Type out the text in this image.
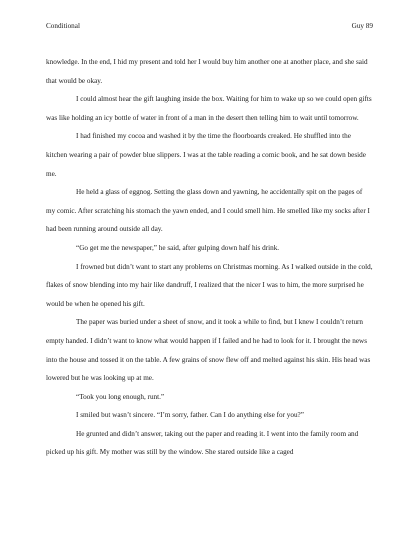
Conditional	Guy 89

knowledge. In the end, I hid my present and told her I would buy him another one at another place, and she said that would be okay.

I could almost hear the gift laughing inside the box. Waiting for him to wake up so we could open gifts was like holding an icy bottle of water in front of a man in the desert then telling him to wait until tomorrow.

I had finished my cocoa and washed it by the time the floorboards creaked. He shuffled into the kitchen wearing a pair of powder blue slippers. I was at the table reading a comic book, and he sat down beside me.

He held a glass of eggnog. Setting the glass down and yawning, he accidentally spit on the pages of my comic. After scratching his stomach the yawn ended, and I could smell him. He smelled like my socks after I had been running around outside all day.

“Go get me the newspaper,” he said, after gulping down half his drink.

I frowned but didn’t want to start any problems on Christmas morning. As I walked outside in the cold, flakes of snow blending into my hair like dandruff, I realized that the nicer I was to him, the more surprised he would be when he opened his gift.

The paper was buried under a sheet of snow, and it took a while to find, but I knew I couldn’t return empty handed. I didn’t want to know what would happen if I failed and he had to look for it. I brought the news into the house and tossed it on the table. A few grains of snow flew off and melted against his skin. His head was lowered but he was looking up at me.

“Took you long enough, runt.”

I smiled but wasn’t sincere. “I’m sorry, father. Can I do anything else for you?”

He grunted and didn’t answer, taking out the paper and reading it. I went into the family room and picked up his gift. My mother was still by the window. She stared outside like a caged
